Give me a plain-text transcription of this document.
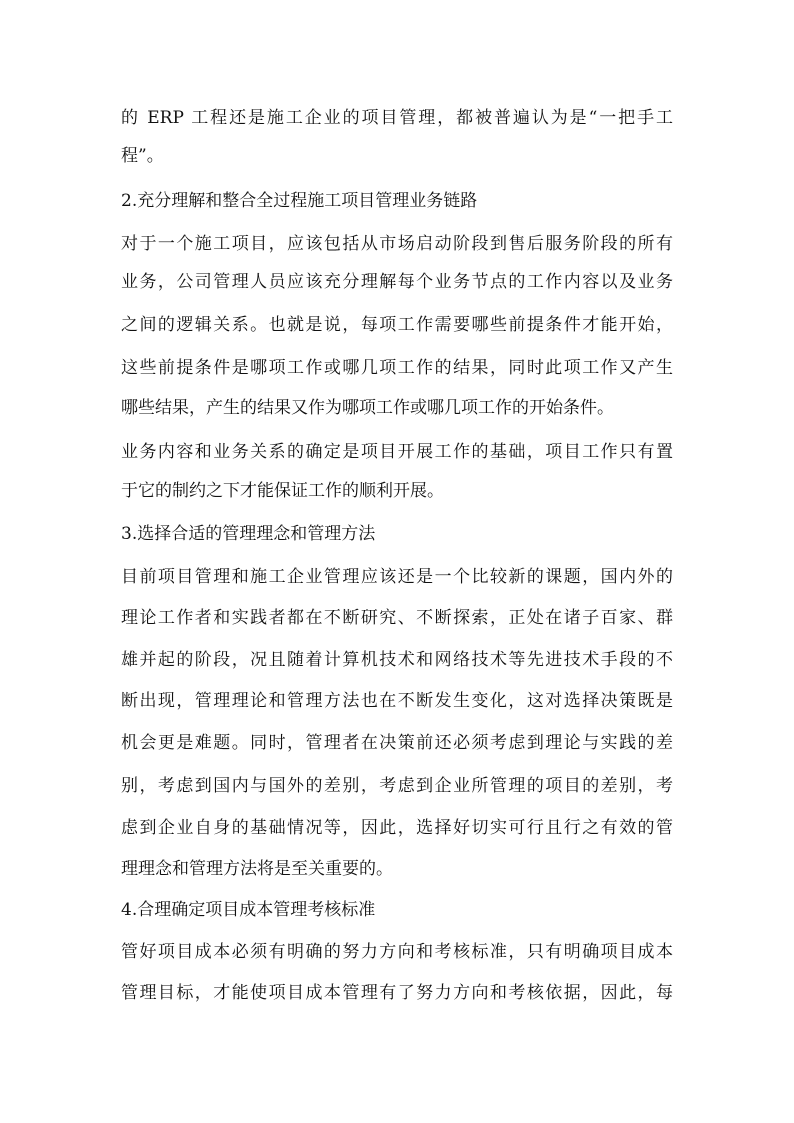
的 ERP 工程还是施工企业的项目管理，都被普遍认为是“一把手工

程”。

2.充分理解和整合全过程施工项目管理业务链路

对于一个施工项目，应该包括从市场启动阶段到售后服务阶段的所有

业务，公司管理人员应该充分理解每个业务节点的工作内容以及业务

之间的逻辑关系。也就是说，每项工作需要哪些前提条件才能开始，

这些前提条件是哪项工作或哪几项工作的结果，同时此项工作又产生

哪些结果，产生的结果又作为哪项工作或哪几项工作的开始条件。

业务内容和业务关系的确定是项目开展工作的基础，项目工作只有置

于它的制约之下才能保证工作的顺利开展。

3.选择合适的管理理念和管理方法

目前项目管理和施工企业管理应该还是一个比较新的课题，国内外的

理论工作者和实践者都在不断研究、不断探索，正处在诸子百家、群

雄并起的阶段，况且随着计算机技术和网络技术等先进技术手段的不

断出现，管理理论和管理方法也在不断发生变化，这对选择决策既是

机会更是难题。同时，管理者在决策前还必须考虑到理论与实践的差

别，考虑到国内与国外的差别，考虑到企业所管理的项目的差别，考

虑到企业自身的基础情况等，因此，选择好切实可行且行之有效的管

理理念和管理方法将是至关重要的。

4.合理确定项目成本管理考核标准

管好项目成本必须有明确的努力方向和考核标准，只有明确项目成本

管理目标，才能使项目成本管理有了努力方向和考核依据，因此，每
